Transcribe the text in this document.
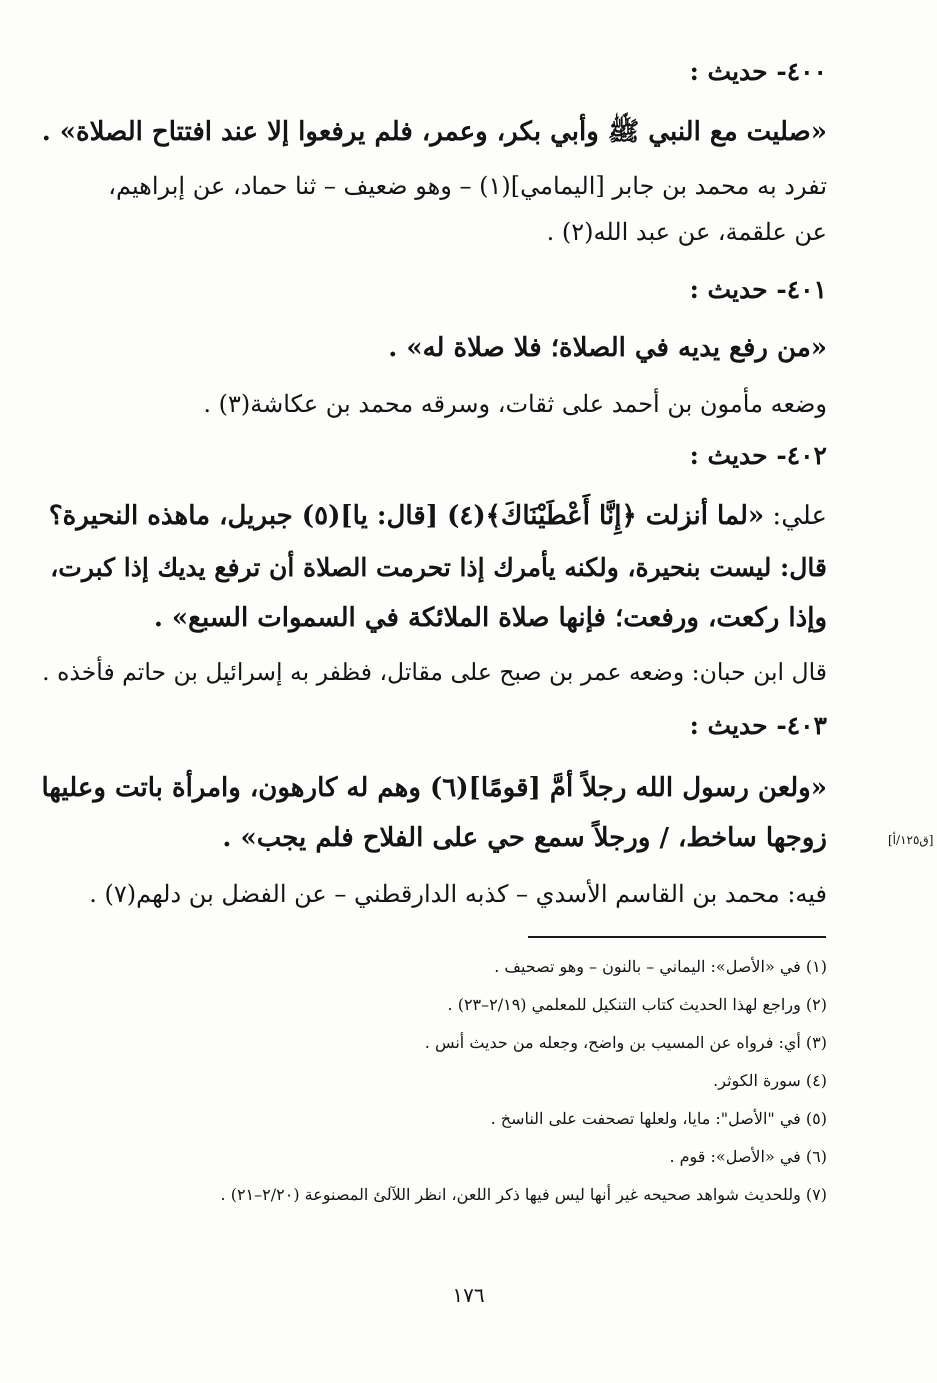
٤٠٠- حديث :
«صليت مع النبي ﷺ وأبي بكر، وعمر، فلم يرفعوا إلا عند افتتاح الصلاة» .
تفرد به محمد بن جابر [اليمامي](١) – وهو ضعيف – ثنا حماد، عن إبراهيم،
عن علقمة، عن عبد الله(٢) .
٤٠١- حديث :
«من رفع يديه في الصلاة؛ فلا صلاة له» .
وضعه مأمون بن أحمد على ثقات، وسرقه محمد بن عكاشة(٣) .
٤٠٢- حديث :
علي: «لما أنزلت ﴿إِنَّا أَعْطَيْنَاكَ﴾(٤) [قال: يا](٥) جبريل، ماهذه النحيرة؟
قال: ليست بنحيرة، ولكنه يأمرك إذا تحرمت الصلاة أن ترفع يديك إذا كبرت،
وإذا ركعت، ورفعت؛ فإنها صلاة الملائكة في السموات السبع» .
قال ابن حبان: وضعه عمر بن صبح على مقاتل، فظفر به إسرائيل بن حاتم فأخذه .
٤٠٣- حديث :
«ولعن رسول الله رجلاً أمَّ [قومًا](٦) وهم له كارهون، وامرأة باتت وعليها
[ق١٢٥/أ]
زوجها ساخط، / ورجلاً سمع حي على الفلاح فلم يجب» .
فيه: محمد بن القاسم الأسدي – كذبه الدارقطني – عن الفضل بن دلهم(٧) .
(١) في «الأصل»: اليماني – بالنون – وهو تصحيف .
(٢) وراجع لهذا الحديث كتاب التنكيل للمعلمي (٢/١٩–٢٣) .
(٣) أي: فرواه عن المسيب بن واضح، وجعله من حديث أنس .
(٤) سورة الكوثر.
(٥) في "الأصل": مايا، ولعلها تصحفت على الناسخ .
(٦) في «الأصل»: قوم .
(٧) وللحديث شواهد صحيحه غير أنها ليس فيها ذكر اللعن، انظر اللآلئ المصنوعة (٢/٢٠–٢١) .
١٧٦
